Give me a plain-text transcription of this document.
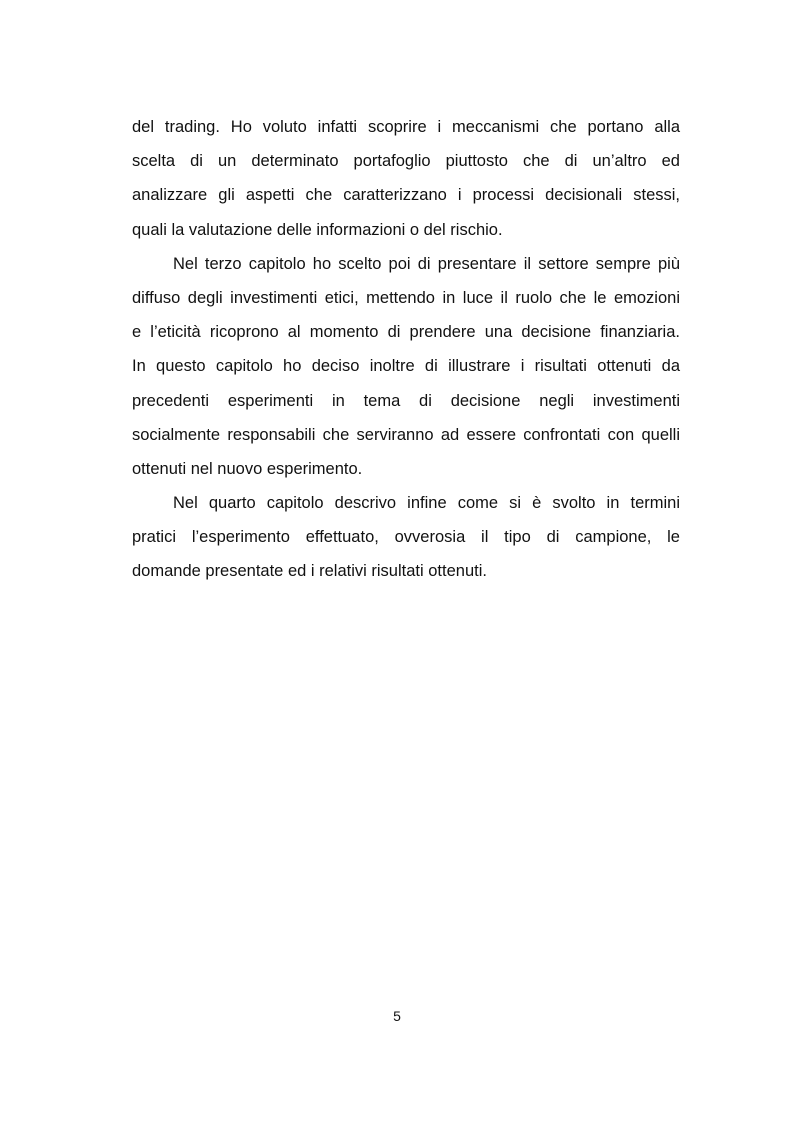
del trading. Ho voluto infatti scoprire i meccanismi che portano alla
scelta di un determinato portafoglio piuttosto che di un’altro ed
analizzare gli aspetti che caratterizzano i processi decisionali stessi,
quali la valutazione delle informazioni o del rischio.
Nel terzo capitolo ho scelto poi di presentare il settore sempre più
diffuso degli investimenti etici, mettendo in luce il ruolo che le emozioni
e l’eticità ricoprono al momento di prendere una decisione finanziaria.
In questo capitolo ho deciso inoltre di illustrare i risultati ottenuti da
precedenti esperimenti in tema di decisione negli investimenti
socialmente responsabili che serviranno ad essere confrontati con quelli
ottenuti nel nuovo esperimento.
Nel quarto capitolo descrivo infine come si è svolto in termini
pratici l’esperimento effettuato, ovverosia il tipo di campione, le
domande presentate ed i relativi risultati ottenuti.
5
